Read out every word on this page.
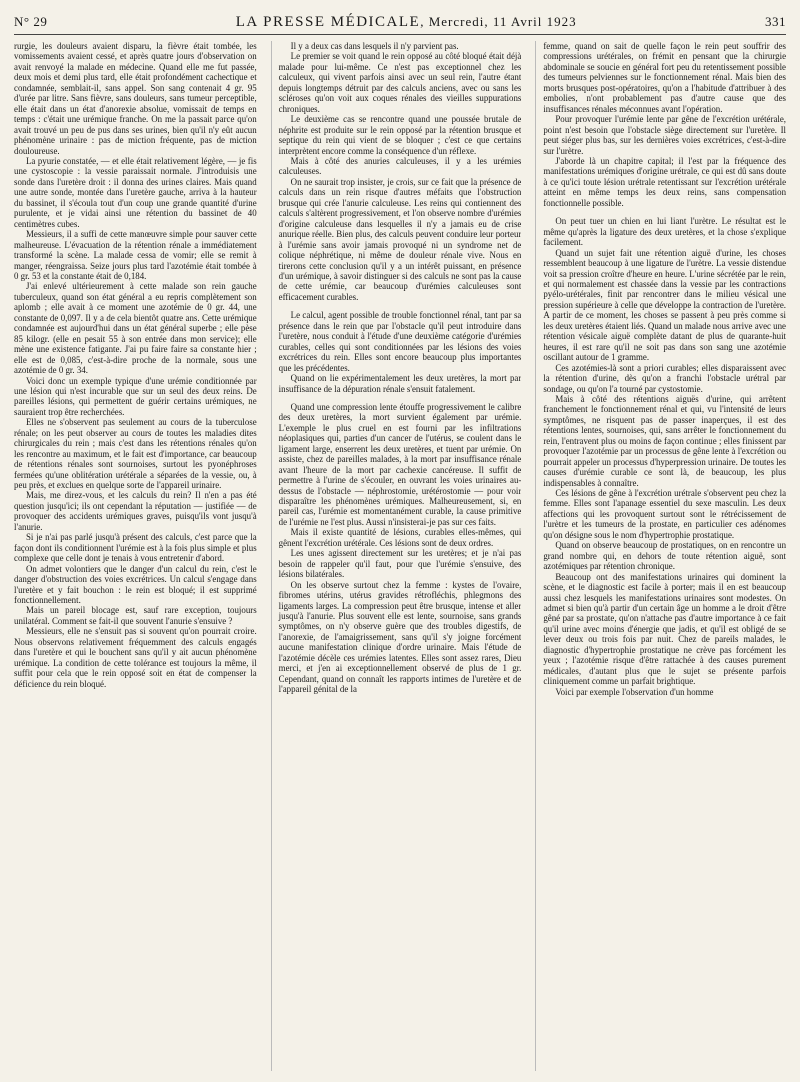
N° 29	LA PRESSE MÉDICALE, Mercredi, 11 Avril 1923	331

rurgie, les douleurs avaient disparu, la fièvre était tombée, les vomissements avaient cessé, et après quatre jours d'observation on avait renvoyé la malade en médecine. Quand elle me fut passée, deux mois et demi plus tard, elle était profondément cachectique et condamnée, semblait-il, sans appel. Son sang contenait 4 gr. 95 d'urée par litre. Sans fièvre, sans douleurs, sans tumeur perceptible, elle était dans un état d'anorexie absolue, vomissait de temps en temps : c'était une urémique franche. On me la passait parce qu'on avait trouvé un peu de pus dans ses urines, bien qu'il n'y eût aucun phénomène urinaire : pas de miction fréquente, pas de miction douloureuse.

La pyurie constatée, — et elle était relativement légère, — je fis une cystoscopie : la vessie paraissait normale. J'introduisis une sonde dans l'uretère droit : il donna des urines claires. Mais quand une autre sonde, montée dans l'uretère gauche, arriva à la hauteur du bassinet, il s'écoula tout d'un coup une grande quantité d'urine purulente, et je vidai ainsi une rétention du bassinet de 40 centimètres cubes.

Messieurs, il a suffi de cette manœuvre simple pour sauver cette malheureuse. L'évacuation de la rétention rénale a immédiatement transformé la scène. La malade cessa de vomir; elle se remit à manger, réengraissa. Seize jours plus tard l'azotémie était tombée à 0 gr. 53 et la constante était de 0,184.

J'ai enlevé ultérieurement à cette malade son rein gauche tuberculeux, quand son état général a eu repris complètement son aplomb ; elle avait à ce moment une azotémie de 0 gr. 44, une constante de 0,097. Il y a de cela bientôt quatre ans. Cette urémique condamnée est aujourd'hui dans un état général superbe ; elle pèse 85 kilogr. (elle en pesait 55 à son entrée dans mon service); elle mène une existence fatigante. J'ai pu faire faire sa constante hier ; elle est de 0,085, c'est-à-dire proche de la normale, sous une azotémie de 0 gr. 34.

Voici donc un exemple typique d'une urémie conditionnée par une lésion qui n'est incurable que sur un seul des deux reins. De pareilles lésions, qui permettent de guérir certains urémiques, ne sauraient trop être recherchées.

Elles ne s'observent pas seulement au cours de la tuberculose rénale; on les peut observer au cours de toutes les maladies dites chirurgicales du rein ; mais c'est dans les rétentions rénales qu'on les rencontre au maximum, et le fait est d'importance, car beaucoup de rétentions rénales sont sournoises, surtout les pyonéphroses fermées qu'une oblitération urétérale a séparées de la vessie, ou, à peu près, et exclues en quelque sorte de l'appareil urinaire.

Mais, me direz-vous, et les calculs du rein? Il n'en a pas été question jusqu'ici; ils ont cependant la réputation — justifiée — de provoquer des accidents urémiques graves, puisqu'ils vont jusqu'à l'anurie.

Si je n'ai pas parlé jusqu'à présent des calculs, c'est parce que la façon dont ils conditionnent l'urémie est à la fois plus simple et plus complexe que celle dont je tenais à vous entretenir d'abord.

On admet volontiers que le danger d'un calcul du rein, c'est le danger d'obstruction des voies excrétrices. Un calcul s'engage dans l'uretère et y fait bouchon : le rein est bloqué; il est supprimé fonctionnellement.

Mais un pareil blocage est, sauf rare exception, toujours unilatéral. Comment se fait-il que souvent l'anurie s'ensuive ?

Messieurs, elle ne s'ensuit pas si souvent qu'on pourrait croire. Nous observons relativement fréquemment des calculs engagés dans l'uretère et qui le bouchent sans qu'il y ait aucun phénomène urémique. La condition de cette tolérance est toujours la même, il suffit pour cela que le rein opposé soit en état de compenser la déficience du rein bloqué.

Il y a deux cas dans lesquels il n'y parvient pas.

Le premier se voit quand le rein opposé au côté bloqué était déjà malade pour lui-même. Ce n'est pas exceptionnel chez les calculeux, qui vivent parfois ainsi avec un seul rein, l'autre étant depuis longtemps détruit par des calculs anciens, avec ou sans les scléroses qu'on voit aux coques rénales des vieilles suppurations chroniques.

Le deuxième cas se rencontre quand une poussée brutale de néphrite est produite sur le rein opposé par la rétention brusque et septique du rein qui vient de se bloquer ; c'est ce que certains interprètent encore comme la conséquence d'un réflexe.

Mais à côté des anuries calculeuses, il y a les urémies calculeuses.

On ne saurait trop insister, je crois, sur ce fait que la présence de calculs dans un rein risque d'autres méfaits que l'obstruction brusque qui crée l'anurie calculeuse. Les reins qui contiennent des calculs s'altèrent progressivement, et l'on observe nombre d'urémies d'origine calculeuse dans lesquelles il n'y a jamais eu de crise anurique réelle. Bien plus, des calculs peuvent conduire leur porteur à l'urémie sans avoir jamais provoqué ni un syndrome net de colique néphrétique, ni même de douleur rénale vive. Nous en tirerons cette conclusion qu'il y a un intérêt puissant, en présence d'un urémique, à savoir distinguer si des calculs ne sont pas la cause de cette urémie, car beaucoup d'urémies calculeuses sont efficacement curables.

Le calcul, agent possible de trouble fonctionnel rénal, tant par sa présence dans le rein que par l'obstacle qu'il peut introduire dans l'uretère, nous conduit à l'étude d'une deuxième catégorie d'urémies curables, celles qui sont conditionnées par les lésions des voies excrétrices du rein. Elles sont encore beaucoup plus importantes que les précédentes.

Quand on lie expérimentalement les deux uretères, la mort par insuffisance de la dépuration rénale s'ensuit fatalement.

Quand une compression lente étouffe progressivement le calibre des deux uretères, la mort survient également par urémie. L'exemple le plus cruel en est fourni par les infiltrations néoplasiques qui, parties d'un cancer de l'utérus, se coulent dans le ligament large, enserrent les deux uretères, et tuent par urémie. On assiste, chez de pareilles malades, à la mort par insuffisance rénale avant l'heure de la mort par cachexie cancéreuse. Il suffit de permettre à l'urine de s'écouler, en ouvrant les voies urinaires au-dessus de l'obstacle — néphrostomie, urétérostomie — pour voir disparaître les phénomènes urémiques. Malheureusement, si, en pareil cas, l'urémie est momentanément curable, la cause primitive de l'urémie ne l'est plus. Aussi n'insisterai-je pas sur ces faits.

Mais il existe quantité de lésions, curables elles-mêmes, qui gênent l'excrétion urétérale. Ces lésions sont de deux ordres.

Les unes agissent directement sur les uretères; et je n'ai pas besoin de rappeler qu'il faut, pour que l'urémie s'ensuive, des lésions bilatérales.

On les observe surtout chez la femme : kystes de l'ovaire, fibromes utérins, utérus gravides rétrofléchis, phlegmons des ligaments larges. La compression peut être brusque, intense et aller jusqu'à l'anurie. Plus souvent elle est lente, sournoise, sans grands symptômes, on n'y observe guère que des troubles digestifs, de l'anorexie, de l'amaigrissement, sans qu'il s'y joigne forcément aucune manifestation clinique d'ordre urinaire. Mais l'étude de l'azotémie décèle ces urémies latentes. Elles sont assez rares, Dieu merci, et j'en ai exceptionnellement observé de plus de 1 gr. Cependant, quand on connaît les rapports intimes de l'uretère et de l'appareil génital de la

femme, quand on sait de quelle façon le rein peut souffrir des compressions urétérales, on frémit en pensant que la chirurgie abdominale se soucie en général fort peu du retentissement possible des tumeurs pelviennes sur le fonctionnement rénal. Mais bien des morts brusques post-opératoires, qu'on a l'habitude d'attribuer à des embolies, n'ont probablement pas d'autre cause que des insuffisances rénales méconnues avant l'opération.

Pour provoquer l'urémie lente par gêne de l'excrétion urétérale, point n'est besoin que l'obstacle siège directement sur l'uretère. Il peut siéger plus bas, sur les dernières voies excrétrices, c'est-à-dire sur l'urètre.

J'aborde là un chapitre capital; il l'est par la fréquence des manifestations urémiques d'origine urétrale, ce qui est dû sans doute à ce qu'ici toute lésion urétrale retentissant sur l'excrétion urétérale atteint en même temps les deux reins, sans compensation fonctionnelle possible.

On peut tuer un chien en lui liant l'urètre. Le résultat est le même qu'après la ligature des deux uretères, et la chose s'explique facilement.

Quand un sujet fait une rétention aiguë d'urine, les choses ressemblent beaucoup à une ligature de l'urètre. La vessie distendue voit sa pression croître d'heure en heure. L'urine sécrétée par le rein, et qui normalement est chassée dans la vessie par les contractions pyélo-urétérales, finit par rencontrer dans le milieu vésical une pression supérieure à celle que développe la contraction de l'uretère. A partir de ce moment, les choses se passent à peu près comme si les deux uretères étaient liés. Quand un malade nous arrive avec une rétention vésicale aiguë complète datant de plus de quarante-huit heures, il est rare qu'il ne soit pas dans son sang une azotémie oscillant autour de 1 gramme.

Ces azotémies-là sont a priori curables; elles disparaissent avec la rétention d'urine, dès qu'on a franchi l'obstacle urétral par sondage, ou qu'on l'a tourné par cystostomie.

Mais à côté des rétentions aiguës d'urine, qui arrêtent franchement le fonctionnement rénal et qui, vu l'intensité de leurs symptômes, ne risquent pas de passer inaperçues, il est des rétentions lentes, sournoises, qui, sans arrêter le fonctionnement du rein, l'entravent plus ou moins de façon continue ; elles finissent par provoquer l'azotémie par un processus de gêne lente à l'excrétion ou pourrait appeler un processus d'hyperpression urinaire. De toutes les causes d'urémie curable ce sont là, de beaucoup, les plus indispensables à connaître.

Ces lésions de gêne à l'excrétion urétrale s'observent peu chez la femme. Elles sont l'apanage essentiel du sexe masculin. Les deux affections qui les provoquent surtout sont le rétrécissement de l'urètre et les tumeurs de la prostate, en particulier ces adénomes qu'on désigne sous le nom d'hypertrophie prostatique.

Quand on observe beaucoup de prostatiques, on en rencontre un grand nombre qui, en dehors de toute rétention aiguë, sont azotémiques par rétention chronique.

Beaucoup ont des manifestations urinaires qui dominent la scène, et le diagnostic est facile à porter; mais il en est beaucoup aussi chez lesquels les manifestations urinaires sont modestes. On admet si bien qu'à partir d'un certain âge un homme a le droit d'être gêné par sa prostate, qu'on n'attache pas d'autre importance à ce fait qu'il urine avec moins d'énergie que jadis, et qu'il est obligé de se lever deux ou trois fois par nuit. Chez de pareils malades, le diagnostic d'hypertrophie prostatique ne crève pas forcément les yeux ; l'azotémie risque d'être rattachée à des causes purement médicales, d'autant plus que le sujet se présente parfois cliniquement comme un parfait brightique.

Voici par exemple l'observation d'un homme
